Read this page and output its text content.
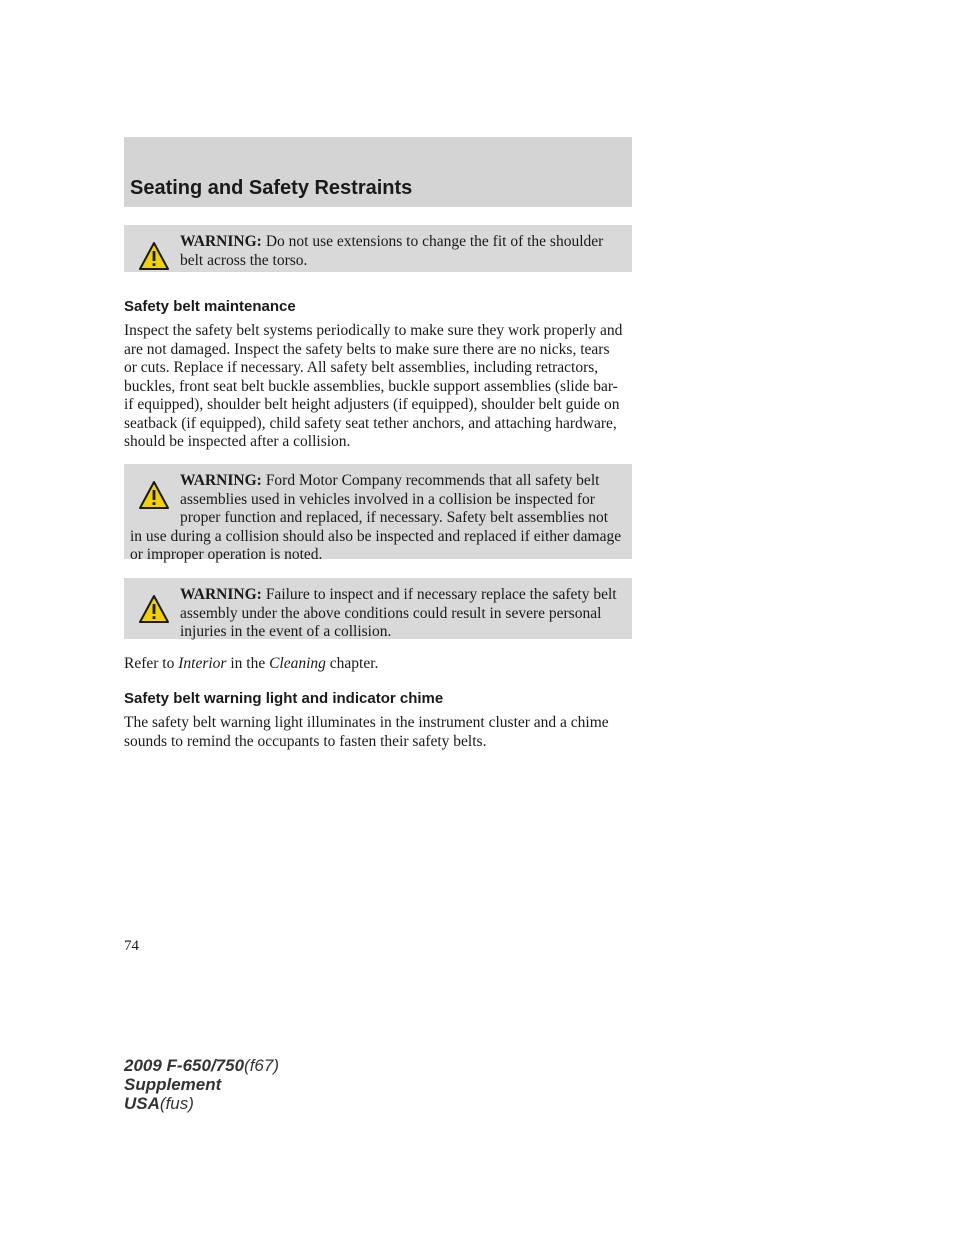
Seating and Safety Restraints
WARNING: Do not use extensions to change the fit of the shoulder belt across the torso.
Safety belt maintenance
Inspect the safety belt systems periodically to make sure they work properly and are not damaged. Inspect the safety belts to make sure there are no nicks, tears or cuts. Replace if necessary. All safety belt assemblies, including retractors, buckles, front seat belt buckle assemblies, buckle support assemblies (slide bar-if equipped), shoulder belt height adjusters (if equipped), shoulder belt guide on seatback (if equipped), child safety seat tether anchors, and attaching hardware, should be inspected after a collision.
WARNING: Ford Motor Company recommends that all safety belt assemblies used in vehicles involved in a collision be inspected for proper function and replaced, if necessary. Safety belt assemblies not in use during a collision should also be inspected and replaced if either damage or improper operation is noted.
WARNING: Failure to inspect and if necessary replace the safety belt assembly under the above conditions could result in severe personal injuries in the event of a collision.
Refer to Interior in the Cleaning chapter.
Safety belt warning light and indicator chime
The safety belt warning light illuminates in the instrument cluster and a chime sounds to remind the occupants to fasten their safety belts.
74
2009 F-650/750(f67)
Supplement
USA(fus)
